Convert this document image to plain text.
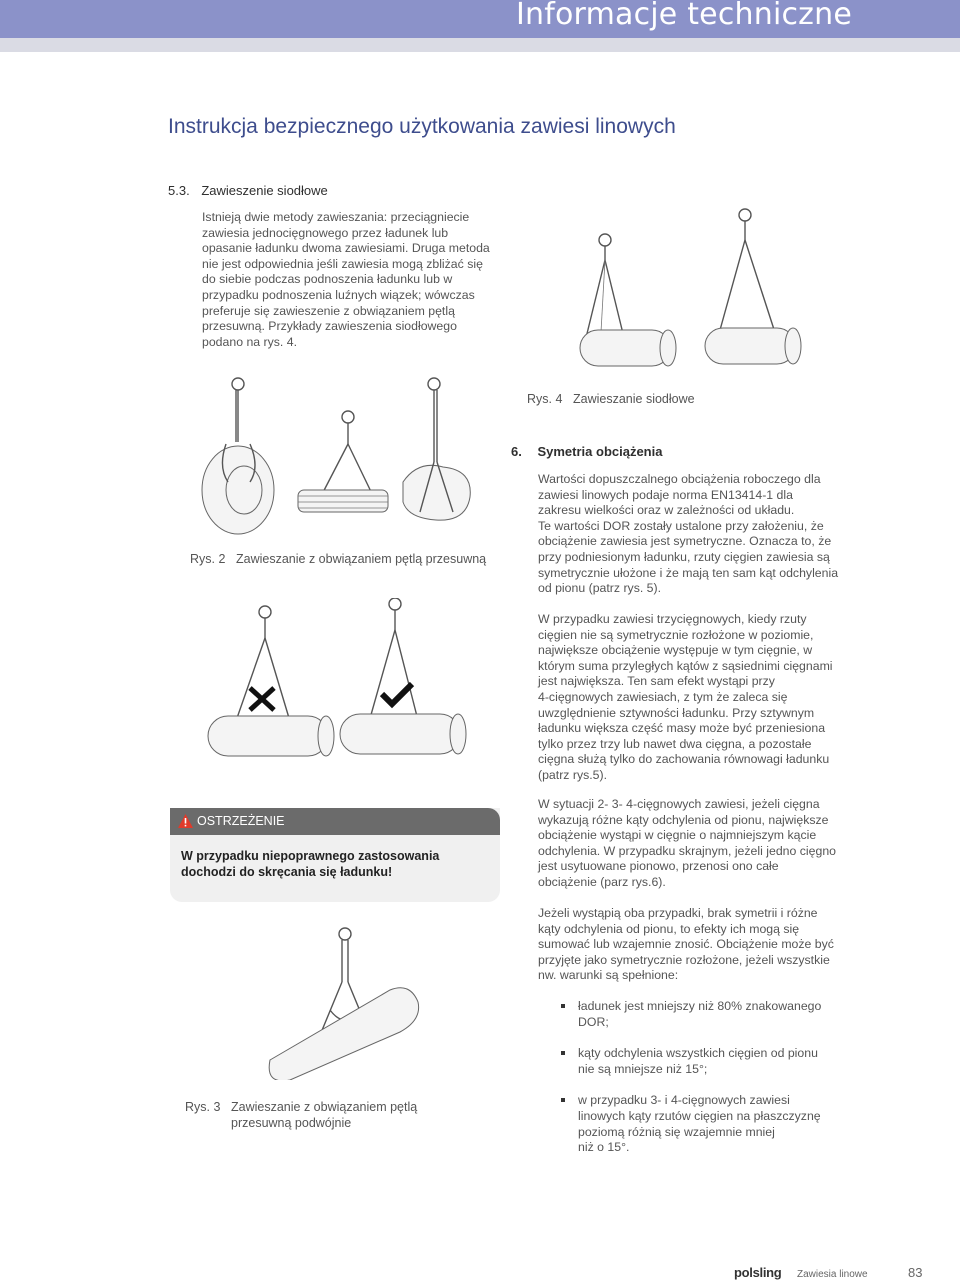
Informacje techniczne
Instrukcja bezpiecznego użytkowania zawiesi linowych
5.3. Zawieszenie siodłowe

Istnieją dwie metody zawieszania: przeciągniecie

zawiesia jednocięgnowego przez ładunek lub

opasanie ładunku dwoma zawiesiami. Druga metoda

nie jest odpowiednia jeśli zawiesia mogą zbliżać się

do siebie podczas podnoszenia ładunku lub w

przypadku podnoszenia luźnych wiązek; wówczas

preferuje się zawieszenie z obwiązaniem pętlą

przesuwną. Przykłady zawieszenia siodłowego

podano na rys. 4.

Rys. 4 Zawieszanie siodłowe
Rys. 2 Zawieszanie z obwiązaniem pętlą przesuwną
OSTRZEŻENIE
W przypadku niepoprawnego zastosowania dochodzi do skręcania się ładunku!
Rys. 3 Zawieszanie z obwiązaniem pętlą
przesuwną podwójnie
6. Symetria obciążenia

Wartości dopuszczalnego obciążenia roboczego dla

zawiesi linowych podaje norma EN13414-1 dla

zakresu wielkości oraz w zależności od układu.

Te wartości DOR zostały ustalone przy założeniu, że

obciążenie zawiesia jest symetryczne. Oznacza to, że

przy podniesionym ładunku, rzuty cięgien zawiesia są

symetrycznie ułożone i że mają ten sam kąt odchylenia

od pionu (patrz rys. 5).

W przypadku zawiesi trzycięgnowych, kiedy rzuty

cięgien nie są symetrycznie rozłożone w poziomie,

największe obciążenie występuje w tym cięgnie, w

którym suma przyległych kątów z sąsiednimi cięgnami

jest największa. Ten sam efekt wystąpi przy

4-cięgnowych zawiesiach, z tym że zaleca się

uwzględnienie sztywności ładunku. Przy sztywnym

ładunku większa część masy może być przeniesiona

tylko przez trzy lub nawet dwa cięgna, a pozostałe

cięgna służą tylko do zachowania równowagi ładunku

(patrz rys.5).

W sytuacji 2- 3- 4-cięgnowych zawiesi, jeżeli cięgna

wykazują różne kąty odchylenia od pionu, największe

obciążenie wystąpi w cięgnie o najmniejszym kącie

odchylenia. W przypadku skrajnym, jeżeli jedno cięgno

jest usytuowane pionowo, przenosi ono całe

obciążenie (parz rys.6).

Jeżeli wystąpią oba przypadki, brak symetrii i różne

kąty odchylenia od pionu, to efekty ich mogą się

sumować lub wzajemnie znosić. Obciążenie może być

przyjęte jako symetrycznie rozłożone, jeżeli wszystkie

nw. warunki są spełnione:

ładunek jest mniejszy niż 80% znakowanego
DOR;
kąty odchylenia wszystkich cięgien od pionu
nie są mniejsze niż 15°;
w przypadku 3- i 4-cięgnowych zawiesi
linowych kąty rzutów cięgien na płaszczyznę
poziomą różnią się wzajemnie mniej
niż o 15°.
polsling Zawiesia linowe	83
